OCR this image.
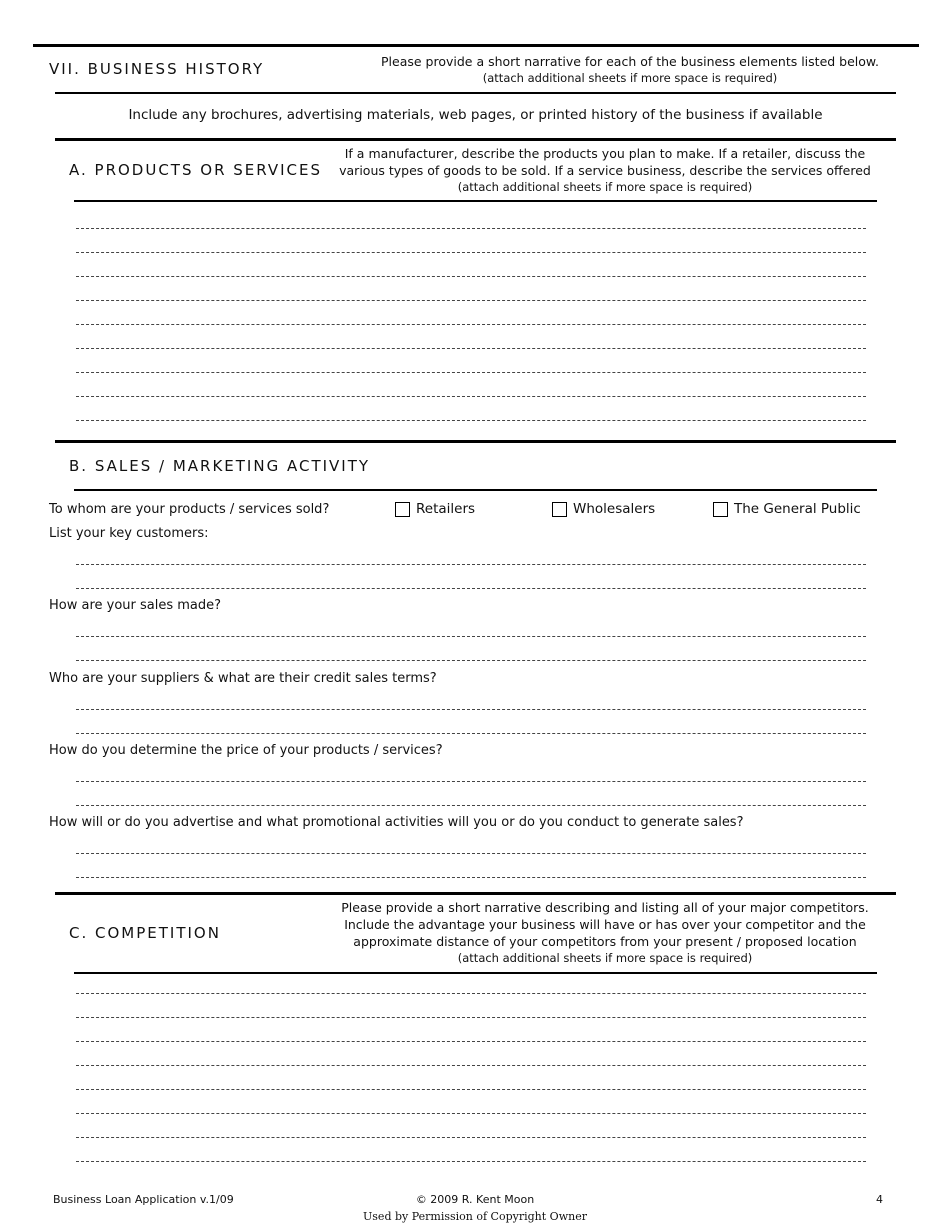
VII. BUSINESS HISTORY	Please provide a short narrative for each of the business elements listed below.
(attach additional sheets if more space is required)
Include any brochures, advertising materials, web pages, or printed history of the business if available
A. PRODUCTS OR SERVICES
If a manufacturer, describe the products you plan to make. If a retailer, discuss the
various types of goods to be sold. If a service business, describe the services offered
(attach additional sheets if more space is required)
B. SALES / MARKETING ACTIVITY
To whom are your products / services sold?	Retailers	Wholesalers	The General Public
List your key customers:
How are your sales made?
Who are your suppliers & what are their credit sales terms?
How do you determine the price of your products / services?
How will or do you advertise and what promotional activities will you or do you conduct to generate sales?
C. COMPETITION
Please provide a short narrative describing and listing all of your major competitors.
Include the advantage your business will have or has over your competitor and the
approximate distance of your competitors from your present / proposed location
(attach additional sheets if more space is required)
Business Loan Application v.1/09	© 2009 R. Kent Moon
Used by Permission of Copyright Owner
4
